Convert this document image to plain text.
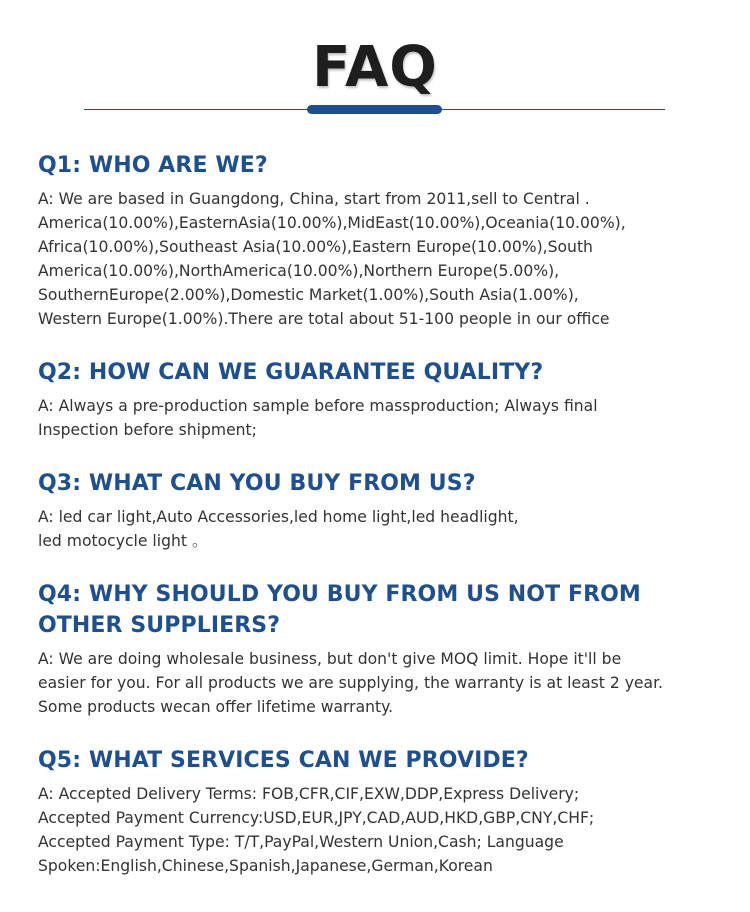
FAQ
Q1: WHO ARE WE?

A: We are based in Guangdong, China, start from 2011,sell to Central .
America(10.00%),EasternAsia(10.00%),MidEast(10.00%),Oceania(10.00%),
Africa(10.00%),Southeast Asia(10.00%),Eastern Europe(10.00%),South
America(10.00%),NorthAmerica(10.00%),Northern Europe(5.00%),
SouthernEurope(2.00%),Domestic Market(1.00%),South Asia(1.00%),
Western Europe(1.00%).There are total about 51-100 people in our office

Q2: HOW CAN WE GUARANTEE QUALITY?

A: Always a pre-production sample before massproduction; Always final
Inspection before shipment;

Q3: WHAT CAN YOU BUY FROM US?

A: led car light,Auto Accessories,led home light,led headlight,
led motocycle light 。

Q4: WHY SHOULD YOU BUY FROM US NOT FROM
OTHER SUPPLIERS?

A: We are doing wholesale business, but don't give MOQ limit. Hope it'll be
easier for you. For all products we are supplying, the warranty is at least 2 year.
Some products wecan offer lifetime warranty.

Q5: WHAT SERVICES CAN WE PROVIDE?

A: Accepted Delivery Terms: FOB,CFR,CIF,EXW,DDP,Express Delivery;
Accepted Payment Currency:USD,EUR,JPY,CAD,AUD,HKD,GBP,CNY,CHF;
Accepted Payment Type: T/T,PayPal,Western Union,Cash; Language
Spoken:English,Chinese,Spanish,Japanese,German,Korean
